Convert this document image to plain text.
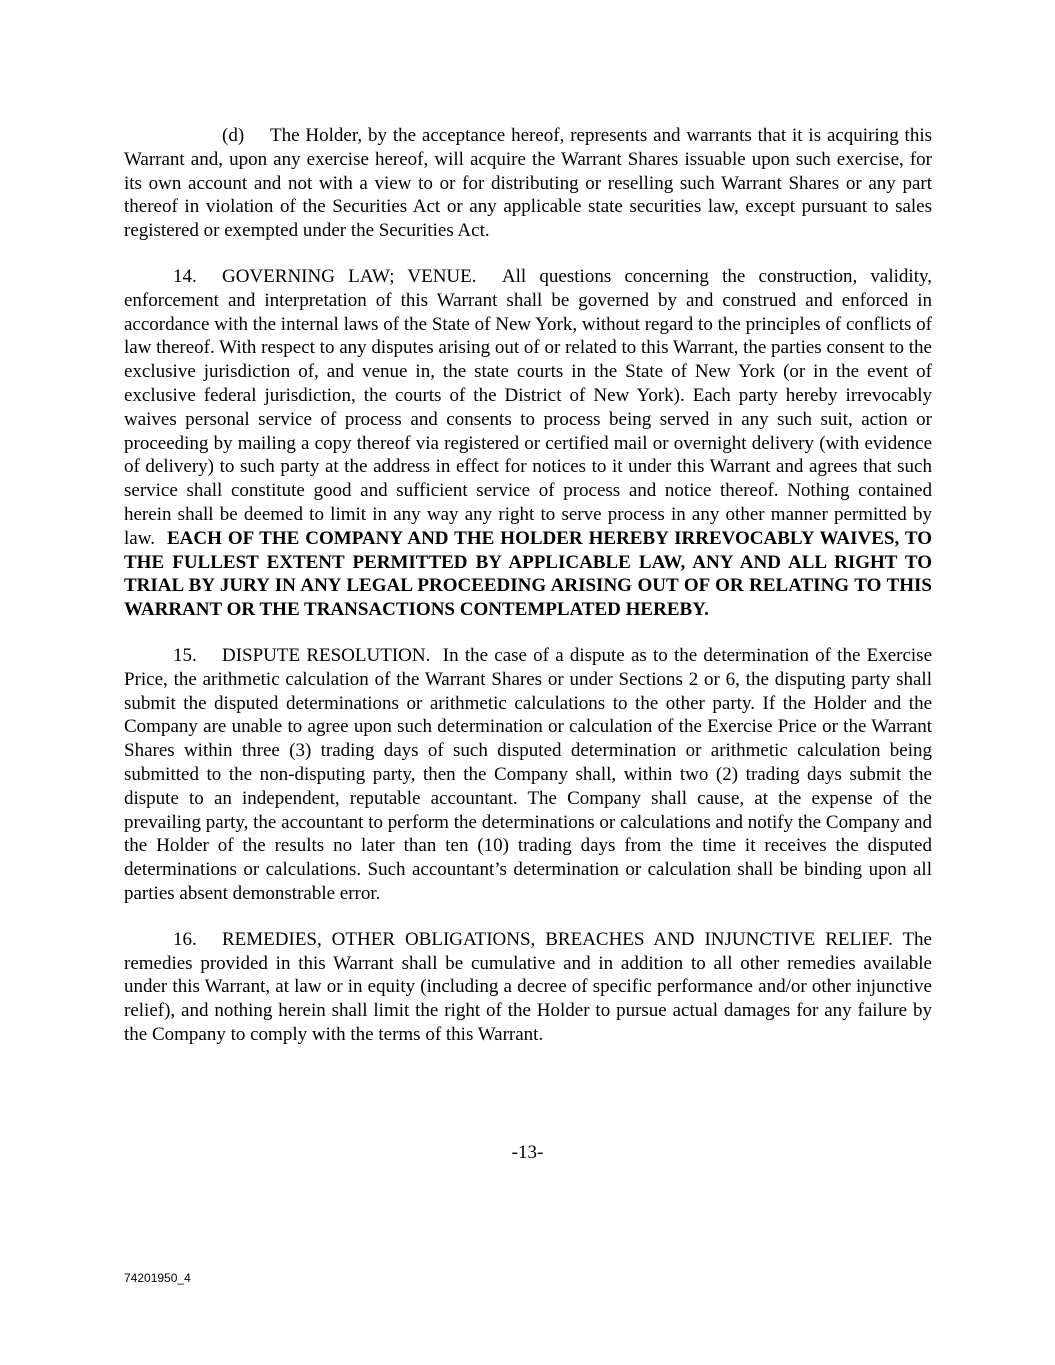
(d) The Holder, by the acceptance hereof, represents and warrants that it is acquiring this Warrant and, upon any exercise hereof, will acquire the Warrant Shares issuable upon such exercise, for its own account and not with a view to or for distributing or reselling such Warrant Shares or any part thereof in violation of the Securities Act or any applicable state securities law, except pursuant to sales registered or exempted under the Securities Act.

14. GOVERNING LAW; VENUE. All questions concerning the construction, validity, enforcement and interpretation of this Warrant shall be governed by and construed and enforced in accordance with the internal laws of the State of New York, without regard to the principles of conflicts of law thereof. With respect to any disputes arising out of or related to this Warrant, the parties consent to the exclusive jurisdiction of, and venue in, the state courts in the State of New York (or in the event of exclusive federal jurisdiction, the courts of the District of New York). Each party hereby irrevocably waives personal service of process and consents to process being served in any such suit, action or proceeding by mailing a copy thereof via registered or certified mail or overnight delivery (with evidence of delivery) to such party at the address in effect for notices to it under this Warrant and agrees that such service shall constitute good and sufficient service of process and notice thereof. Nothing contained herein shall be deemed to limit in any way any right to serve process in any other manner permitted by law. EACH OF THE COMPANY AND THE HOLDER HEREBY IRREVOCABLY WAIVES, TO THE FULLEST EXTENT PERMITTED BY APPLICABLE LAW, ANY AND ALL RIGHT TO TRIAL BY JURY IN ANY LEGAL PROCEEDING ARISING OUT OF OR RELATING TO THIS WARRANT OR THE TRANSACTIONS CONTEMPLATED HEREBY.

15. DISPUTE RESOLUTION. In the case of a dispute as to the determination of the Exercise Price, the arithmetic calculation of the Warrant Shares or under Sections 2 or 6, the disputing party shall submit the disputed determinations or arithmetic calculations to the other party. If the Holder and the Company are unable to agree upon such determination or calculation of the Exercise Price or the Warrant Shares within three (3) trading days of such disputed determination or arithmetic calculation being submitted to the non-disputing party, then the Company shall, within two (2) trading days submit the dispute to an independent, reputable accountant. The Company shall cause, at the expense of the prevailing party, the accountant to perform the determinations or calculations and notify the Company and the Holder of the results no later than ten (10) trading days from the time it receives the disputed determinations or calculations. Such accountant’s determination or calculation shall be binding upon all parties absent demonstrable error.

16. REMEDIES, OTHER OBLIGATIONS, BREACHES AND INJUNCTIVE RELIEF. The remedies provided in this Warrant shall be cumulative and in addition to all other remedies available under this Warrant, at law or in equity (including a decree of specific performance and/or other injunctive relief), and nothing herein shall limit the right of the Holder to pursue actual damages for any failure by the Company to comply with the terms of this Warrant.

-13-
74201950_4
